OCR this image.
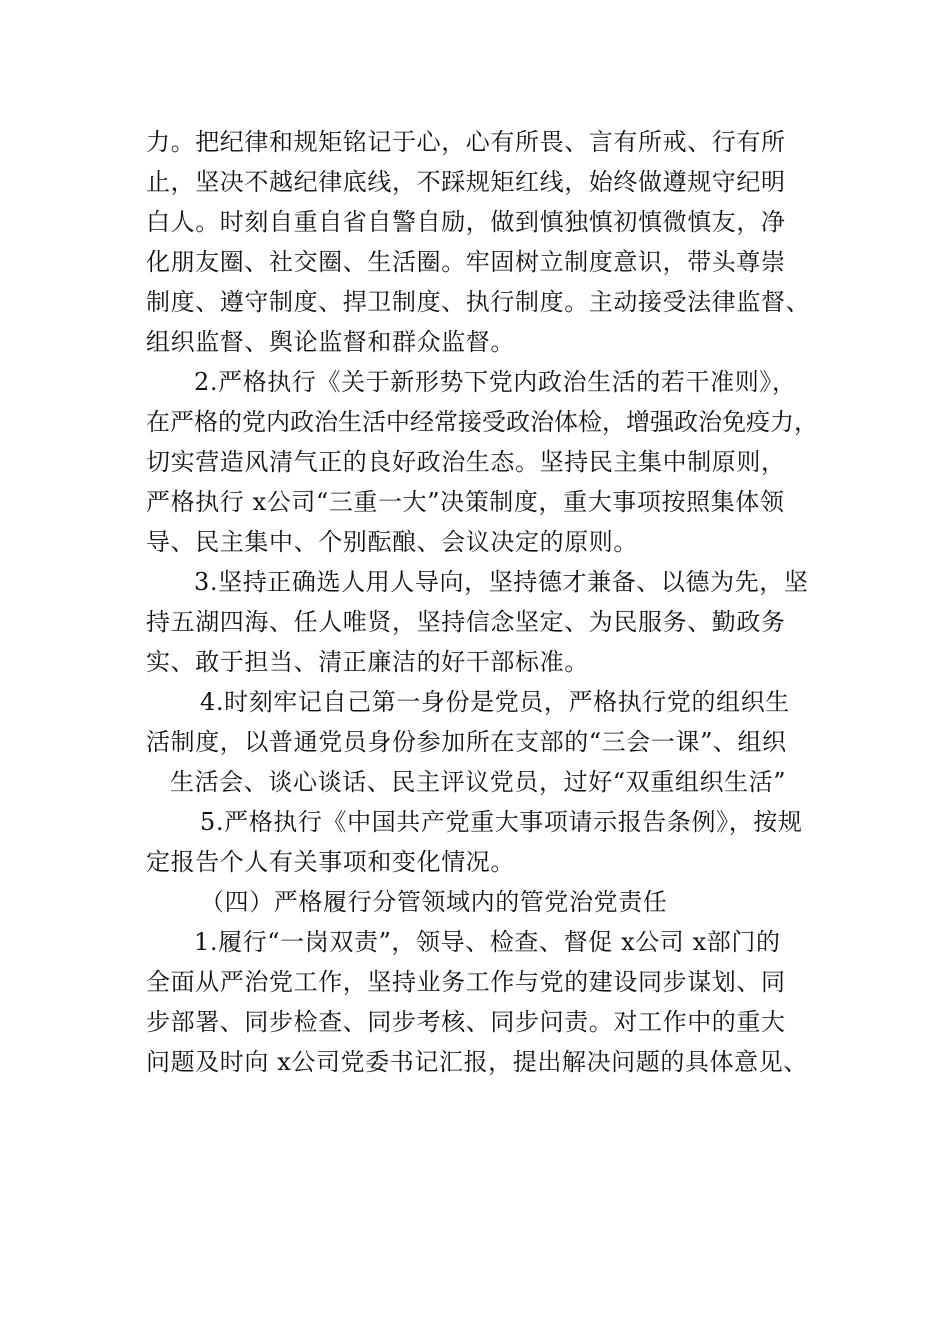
力。把纪律和规矩铭记于心，心有所畏、言有所戒、行有所
止，坚决不越纪律底线，不踩规矩红线，始终做遵规守纪明
白人。时刻自重自省自警自励，做到慎独慎初慎微慎友，净
化朋友圈、社交圈、生活圈。牢固树立制度意识，带头尊崇
制度、遵守制度、捍卫制度、执行制度。主动接受法律监督、
组织监督、舆论监督和群众监督。
2.严格执行《关于新形势下党内政治生活的若干准则》，
在严格的党内政治生活中经常接受政治体检，增强政治免疫力，
切实营造风清气正的良好政治生态。坚持民主集中制原则，
严格执行 x公司“三重一大”决策制度，重大事项按照集体领
导、民主集中、个别酝酿、会议决定的原则。
3.坚持正确选人用人导向，坚持德才兼备、以德为先，坚
持五湖四海、任人唯贤，坚持信念坚定、为民服务、勤政务
实、敢于担当、清正廉洁的好干部标准。
4.时刻牢记自己第一身份是党员，严格执行党的组织生
活制度，以普通党员身份参加所在支部的“三会一课”、组织
生活会、谈心谈话、民主评议党员，过好“双重组织生活”
5.严格执行《中国共产党重大事项请示报告条例》，按规
定报告个人有关事项和变化情况。
（四）严格履行分管领域内的管党治党责任
1.履行“一岗双责”，领导、检查、督促 x公司 x部门的
全面从严治党工作，坚持业务工作与党的建设同步谋划、同
步部署、同步检查、同步考核、同步问责。对工作中的重大
问题及时向 x公司党委书记汇报，提出解决问题的具体意见、
